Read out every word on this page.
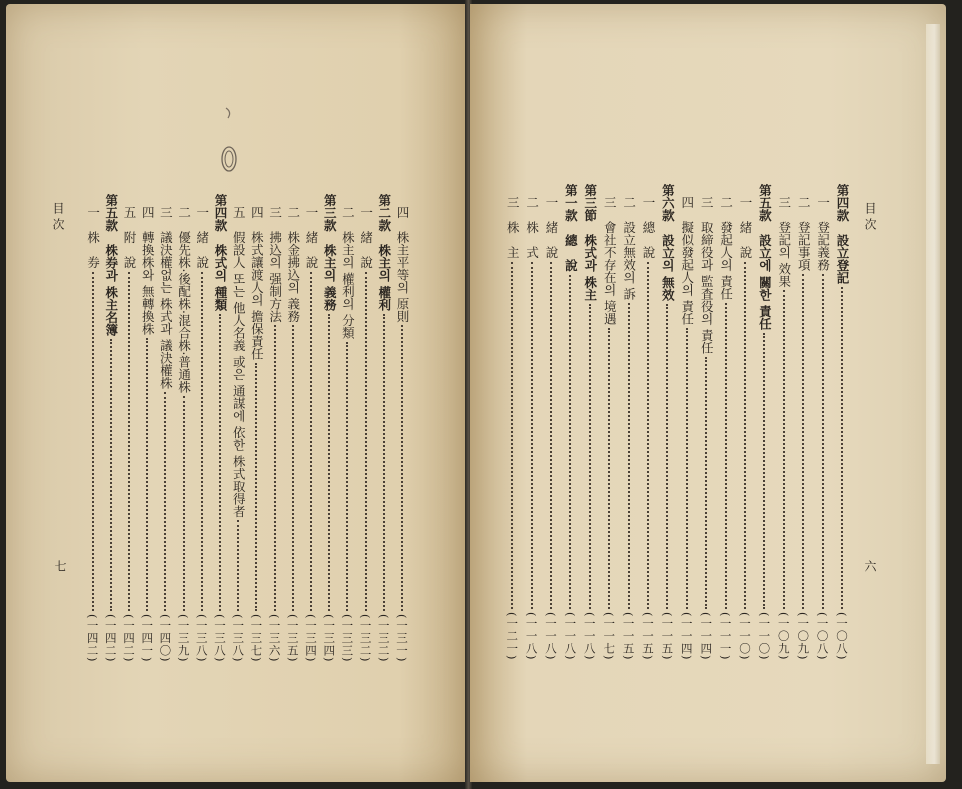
目 次
七
四　株主平等의 原則
(一三一)
第二款　株主의 權利
(一三二)
一　緒　說
(一三二)
二　株主의 權利의 分類
(一三三)
第三款　株主의 義務
(一三四)
一　緒　說
(一三四)
二　株金拂込의 義務
(一三五)
三　拂込의 强制方法
(一三六)
四　株式讓渡人의 擔保責任
(一三七)
五　假設人 또는 他人名義 或은 通謀에 依한 株式取得者
(一三八)
第四款　株式의 種類
(一三八)
一　緒　說
(一三八)
二　優先株·後配株·混合株·普通株
(一三九)
三　議決權없는 株式과 議決權株
(一四〇)
四　轉換株와 無轉換株
(一四一)
五　附　說
(一四二)
第五款　株券과 株主名簿
(一四二)
一　株　券
(一四二)
目 次
六
第四款　設立登記
(一〇八)
一　登記義務
(一〇八)
二　登記事項
(一〇九)
三　登記의 效果
(一〇九)
第五款　設立에 關한 責任
(一一〇)
一　緒　說
(一一〇)
二　發起人의 責任
(一一一)
三　取締役과 監査役의 責任
(一一四)
四　擬似發起人의 責任
(一一四)
第六款　設立의 無效
(一一五)
一　總　說
(一一五)
二　設立無效의 訴
(一一五)
三　會社不存在의 境遇
(一一七)
第三節　株式과 株主
(一一八)
第一款　總　說
(一一八)
一　緒　說
(一一八)
二　株　式
(一一八)
三　株　主
(一二一)
